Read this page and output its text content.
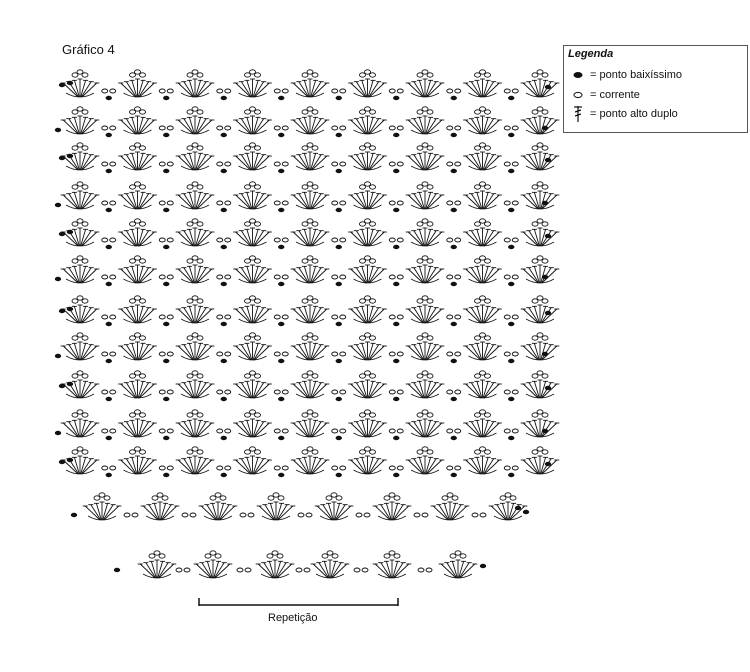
Gráfico 4	Legenda
= ponto baixíssimo
= corrente
= ponto alto duplo
Repetição
